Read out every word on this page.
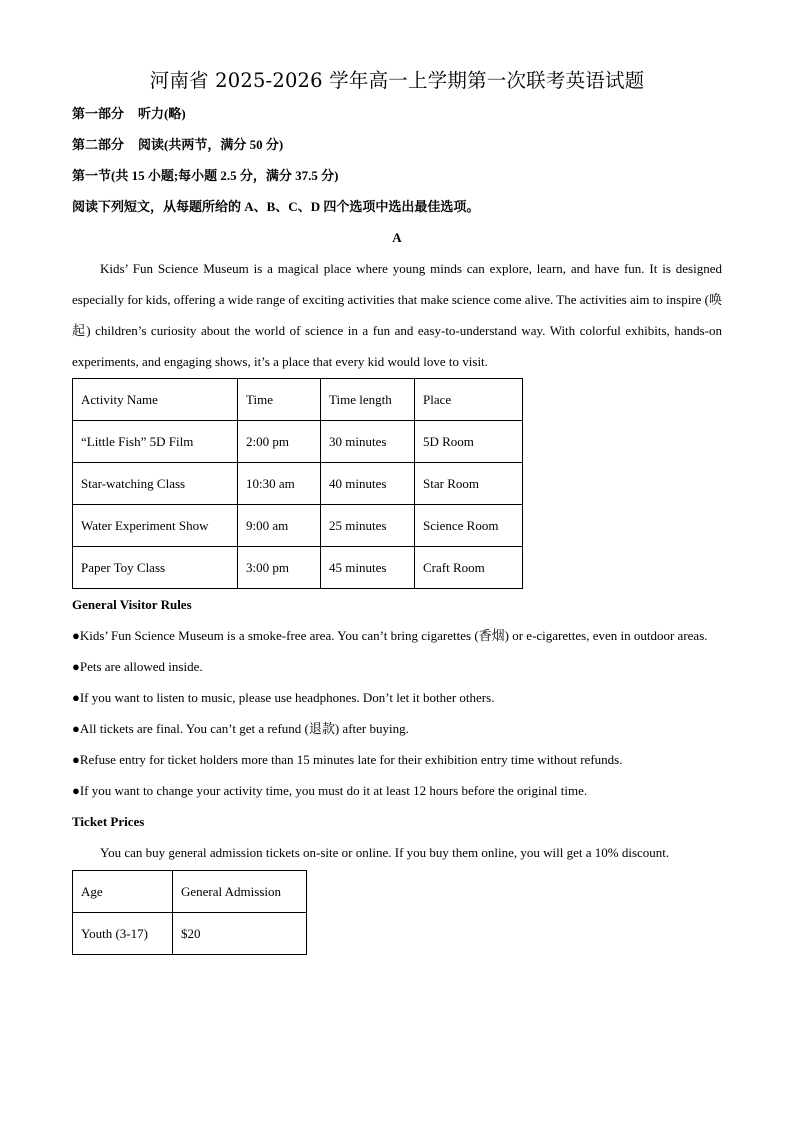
河南省 2025-2026 学年高一上学期第一次联考英语试题
第一部分 听力(略)
第二部分 阅读(共两节，满分 50 分)
第一节(共 15 小题;每小题 2.5 分，满分 37.5 分)
阅读下列短文，从每题所给的 A、B、C、D 四个选项中选出最佳选项。
A
Kids’ Fun Science Museum is a magical place where young minds can explore, learn, and have fun. It is designed especially for kids, offering a wide range of exciting activities that make science come alive. The activities aim to inspire (唤起) children’s curiosity about the world of science in a fun and easy-to-understand way. With colorful exhibits, hands-on experiments, and engaging shows, it’s a place that every kid would love to visit.
Activity Name	Time	Time length	Place
“Little Fish” 5D Film	2:00 pm	30 minutes	5D Room
Star-watching Class	10:30 am	40 minutes	Star Room
Water Experiment Show	9:00 am	25 minutes	Science Room
Paper Toy Class	3:00 pm	45 minutes	Craft Room
General Visitor Rules
●Kids’ Fun Science Museum is a smoke-free area. You can’t bring cigarettes (香烟) or e-cigarettes, even in outdoor areas.
●Pets are allowed inside.
●If you want to listen to music, please use headphones. Don’t let it bother others.
●All tickets are final. You can’t get a refund (退款) after buying.
●Refuse entry for ticket holders more than 15 minutes late for their exhibition entry time without refunds.
●If you want to change your activity time, you must do it at least 12 hours before the original time.
Ticket Prices
You can buy general admission tickets on-site or online. If you buy them online, you will get a 10% discount.
Age	General Admission
Youth (3-17)	$20
